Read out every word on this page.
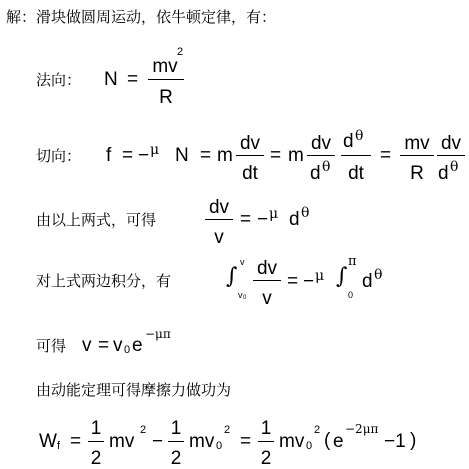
解：滑块做圆周运动，依牛顿定律，有：
法向： N =
mv
2
R
切向： f = − μ N = m
dv
dt
= m
dv
d θ
d θ
dt
=
mv
R
dv
d θ
由以上两式，可得
dv
v
= − μ d θ
对上式两边积分，有 ∫
v
v 0
dv
v
= − μ ∫
π
0
d θ
可得 v = v 0 e
−μπ
由动能定理可得摩擦力做功为
W f =
1
2
mv
2
−
1
2
mv 0
2
=
1
2
mv 0
2 ( e
−2μπ
−1 )
